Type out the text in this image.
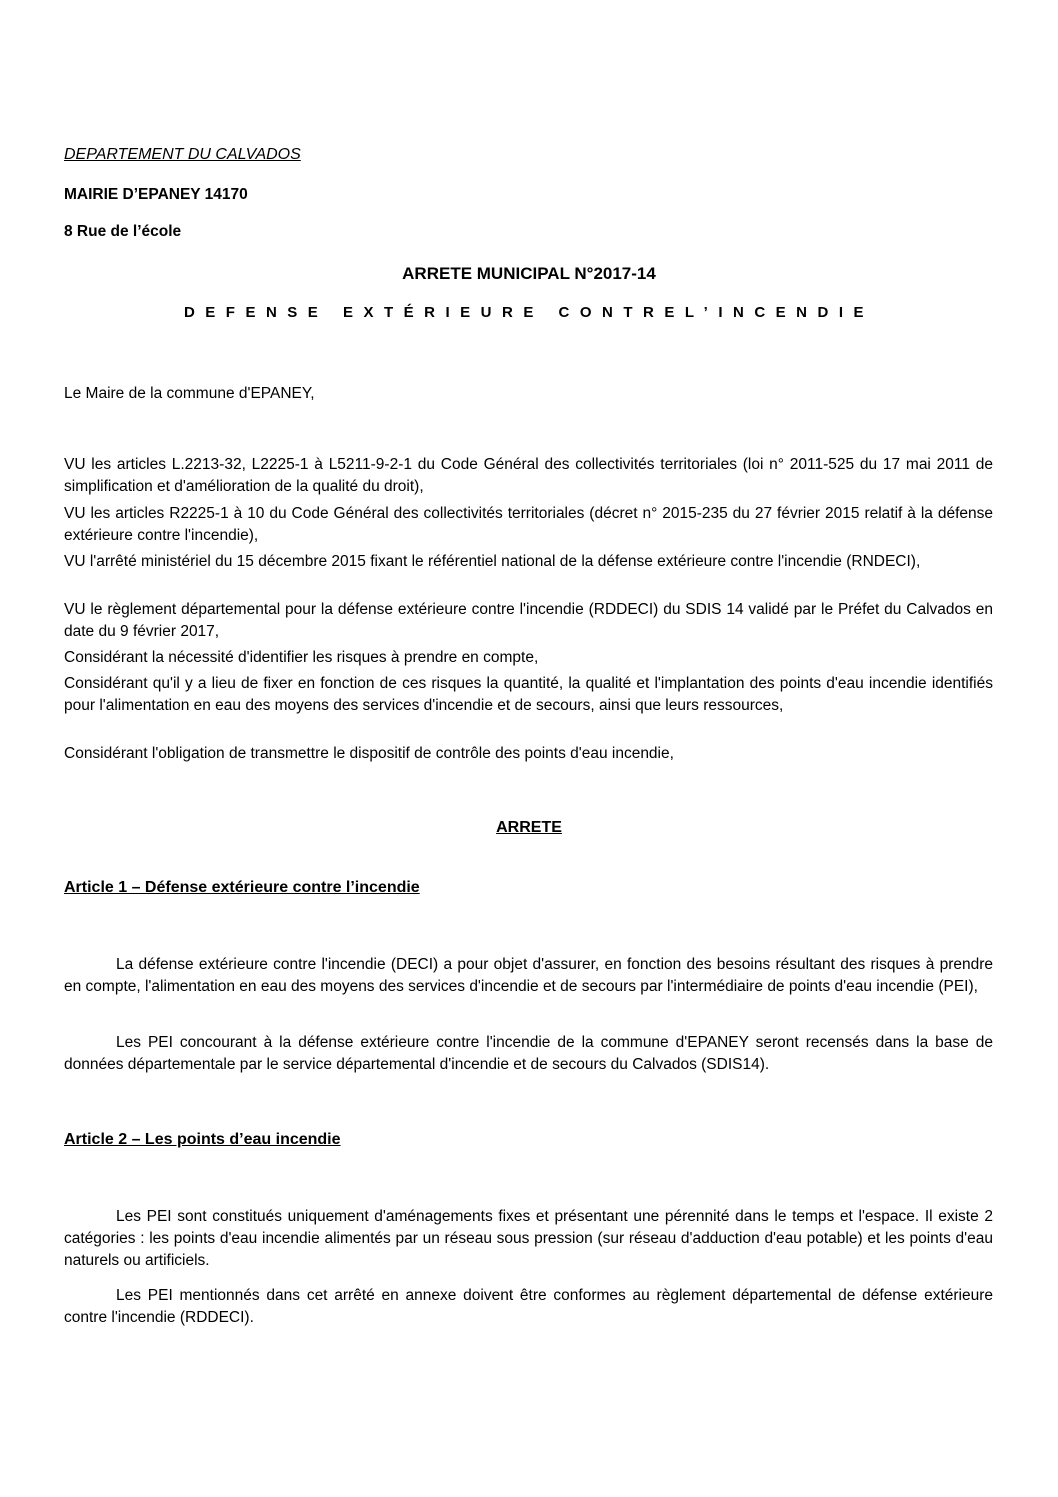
DEPARTEMENT DU CALVADOS
MAIRIE D’EPANEY 14170
8 Rue de l’école
ARRETE MUNICIPAL N°2017-14
DEFENSE EXTÉRIEURE CONTREL’INCENDIE
Le Maire de la commune d'EPANEY,
VU les articles L.2213-32, L2225-1 à L5211-9-2-1 du Code Général des collectivités territoriales (loi n° 2011-525 du 17 mai 2011 de simplification et d'amélioration de la qualité du droit),
VU les articles R2225-1 à 10 du Code Général des collectivités territoriales (décret n° 2015-235 du 27 février 2015 relatif à la défense extérieure contre l'incendie),
VU l'arrêté ministériel du 15 décembre 2015 fixant le référentiel national de la défense extérieure contre l'incendie (RNDECI),
VU le règlement départemental pour la défense extérieure contre l'incendie (RDDECI) du SDIS 14 validé par le Préfet du Calvados en date du 9 février 2017,
Considérant la nécessité d'identifier les risques à prendre en compte,
Considérant qu'il y a lieu de fixer en fonction de ces risques la quantité, la qualité et l'implantation des points d'eau incendie identifiés pour l'alimentation en eau des moyens des services d'incendie et de secours, ainsi que leurs ressources,
Considérant l'obligation de transmettre le dispositif de contrôle des points d'eau incendie,
ARRETE
Article 1 – Défense extérieure contre l’incendie
La défense extérieure contre l'incendie (DECI) a pour objet d'assurer, en fonction des besoins résultant des risques à prendre en compte, l'alimentation en eau des moyens des services d'incendie et de secours par l'intermédiaire de points d'eau incendie (PEI),
Les PEI concourant à la défense extérieure contre l'incendie de la commune d'EPANEY seront recensés dans la base de données départementale par le service départemental d'incendie et de secours du Calvados (SDIS14).
Article 2 – Les points d’eau incendie
Les PEI sont constitués uniquement d'aménagements fixes et présentant une pérennité dans le temps et l'espace. Il existe 2 catégories : les points d'eau incendie alimentés par un réseau sous pression (sur réseau d'adduction d'eau potable) et les points d'eau naturels ou artificiels.
Les PEI mentionnés dans cet arrêté en annexe doivent être conformes au règlement départemental de défense extérieure contre l'incendie (RDDECI).
